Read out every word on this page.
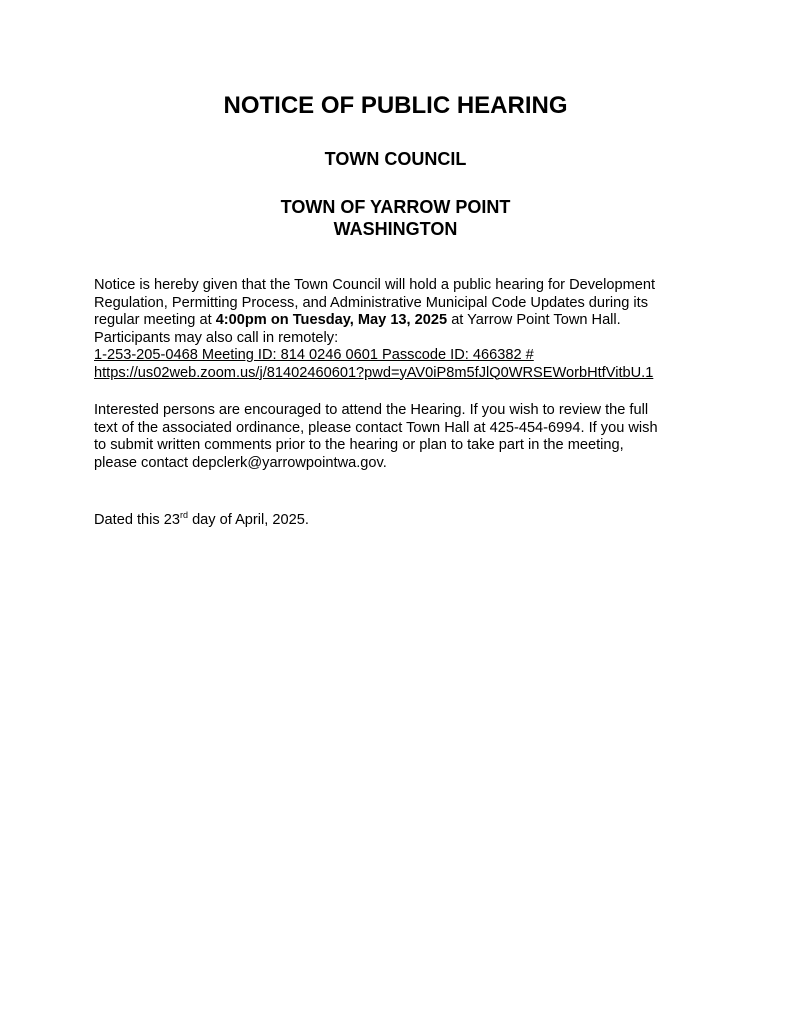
NOTICE OF PUBLIC HEARING
TOWN COUNCIL
TOWN OF YARROW POINT
WASHINGTON
Notice is hereby given that the Town Council will hold a public hearing for Development
Regulation, Permitting Process, and Administrative Municipal Code Updates during its
regular meeting at 4:00pm on Tuesday, May 13, 2025 at Yarrow Point Town Hall.
Participants may also call in remotely:
1-253-205-0468 Meeting ID: 814 0246 0601 Passcode ID: 466382 #
https://us02web.zoom.us/j/81402460601?pwd=yAV0iP8m5fJlQ0WRSEWorbHtfVitbU.1
Interested persons are encouraged to attend the Hearing. If you wish to review the full
text of the associated ordinance, please contact Town Hall at 425-454-6994. If you wish
to submit written comments prior to the hearing or plan to take part in the meeting,
please contact depclerk@yarrowpointwa.gov.
Dated this 23rd day of April, 2025.
